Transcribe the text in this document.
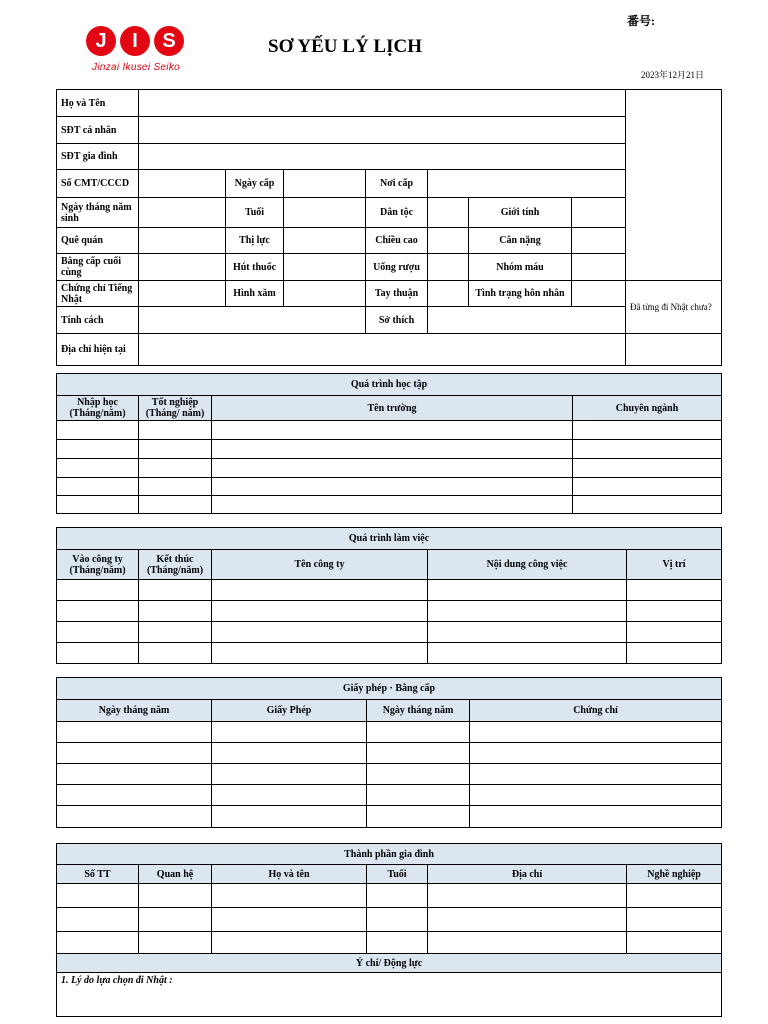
J	I	S
Jinzai Ikusei Seiko
SƠ YẾU LÝ LỊCH
番号:
2023年12月21日
Họ và Tên								
SĐT cá nhân								
SĐT gia đình								
Số CMT/CCCD		Ngày cấp		Nơi cấp				
Ngày tháng năm sinh		Tuổi		Dân tộc		Giới tính		
Quê quán		Thị lực		Chiều cao		Cân nặng		
Bằng cấp cuối cùng		Hút thuốc		Uống rượu		Nhóm máu		
Chứng chỉ Tiếng Nhật		Hình xăm		Tay thuận		Tình trạng hôn nhân		Đã từng đi Nhật chưa?
Tính cách				Sở thích				
Địa chỉ hiện tại								
Quá trình học tập			
Nhập học (Tháng/năm)	Tốt nghiệp (Tháng/ năm)	Tên trường	Chuyên ngành

Quá trình làm việc				
Vào công ty (Tháng/năm)	Kết thúc (Tháng/năm)	Tên công ty	Nội dung công việc	Vị trí

Giấy phép · Bằng cấp			
Ngày tháng năm	Giấy Phép	Ngày tháng năm	Chứng chỉ

Thành phần gia đình					
Số TT	Quan hệ	Họ và tên	Tuổi	Địa chỉ	Nghề nghiệp

Ý chí/ Động lực					
1. Lý do lựa chọn đi Nhật :					
